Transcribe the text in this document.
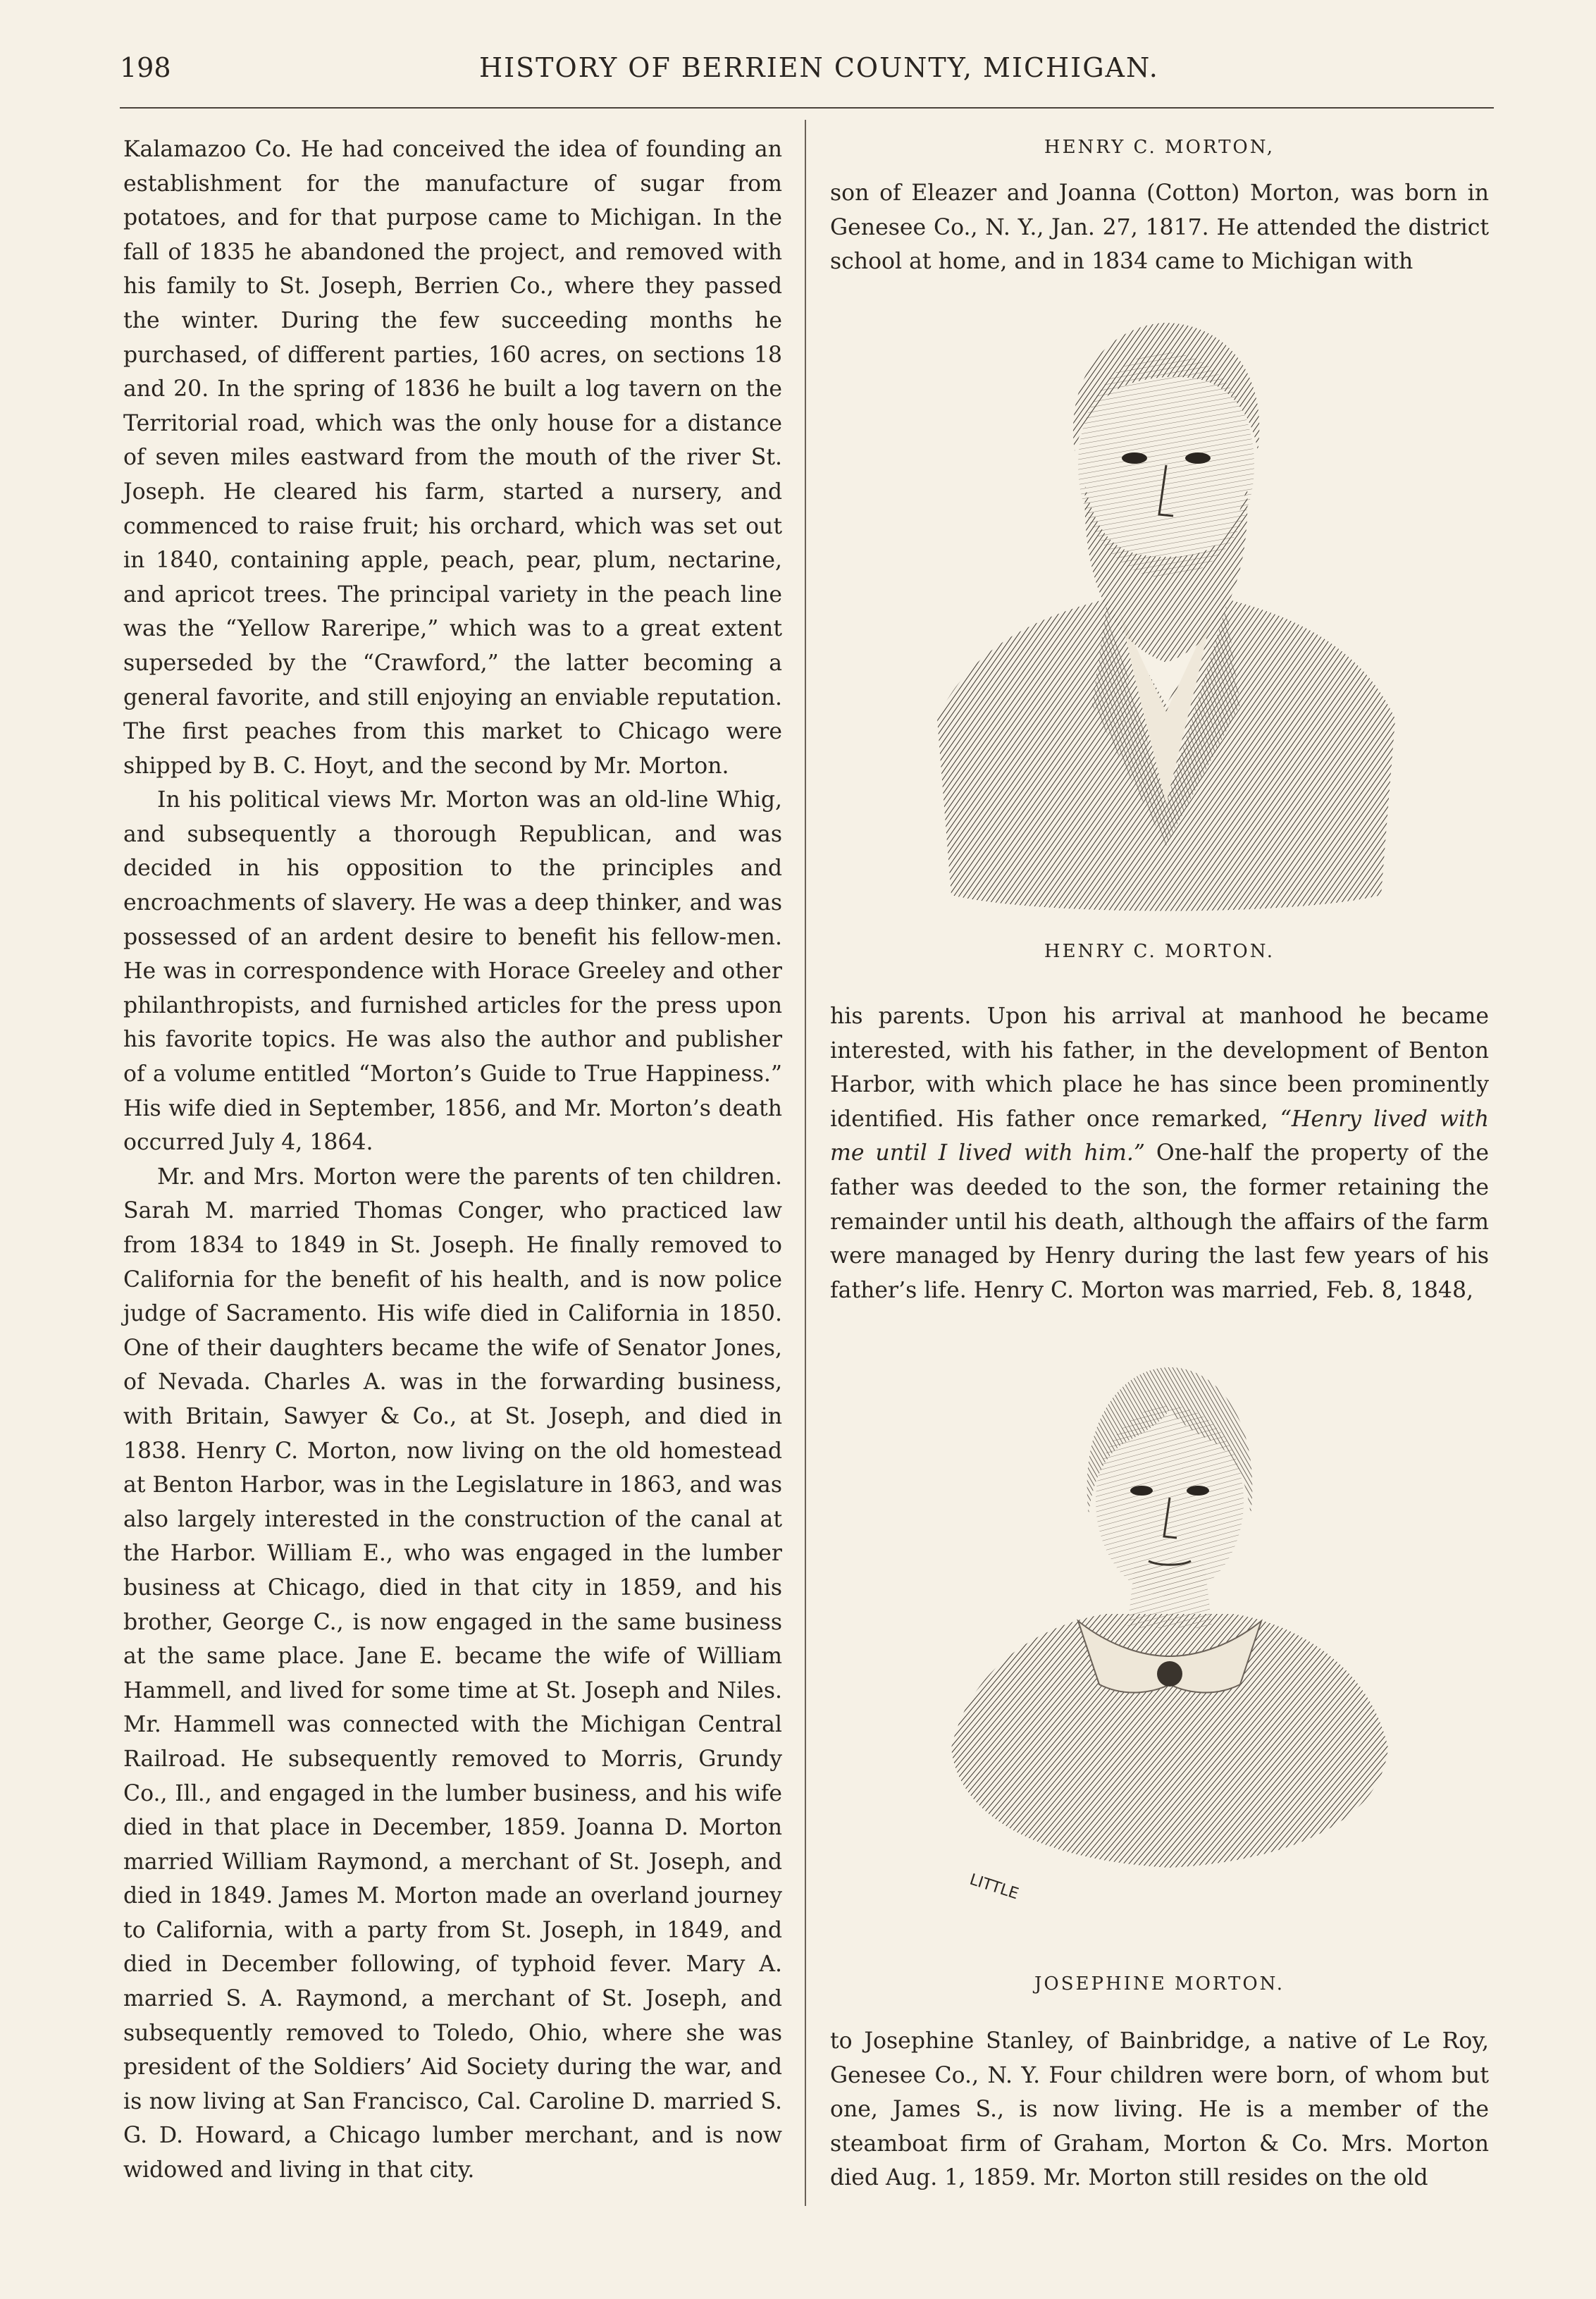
198	HISTORY OF BERRIEN COUNTY, MICHIGAN.

Kalamazoo Co. He had conceived the idea of founding an establishment for the manufacture of sugar from potatoes, and for that purpose came to Michigan. In the fall of 1835 he abandoned the project, and removed with his family to St. Joseph, Berrien Co., where they passed the winter. During the few succeeding months he purchased, of different parties, 160 acres, on sections 18 and 20. In the spring of 1836 he built a log tavern on the Territorial road, which was the only house for a distance of seven miles eastward from the mouth of the river St. Joseph. He cleared his farm, started a nursery, and commenced to raise fruit; his orchard, which was set out in 1840, containing apple, peach, pear, plum, nectarine, and apricot trees. The principal variety in the peach line was the “Yellow Rareripe,” which was to a great extent superseded by the “Crawford,” the latter becoming a general favorite, and still enjoying an enviable reputation. The first peaches from this market to Chicago were shipped by B. C. Hoyt, and the second by Mr. Morton.

In his political views Mr. Morton was an old-line Whig, and subsequently a thorough Republican, and was decided in his opposition to the principles and encroachments of slavery. He was a deep thinker, and was possessed of an ardent desire to benefit his fellow-men. He was in correspondence with Horace Greeley and other philanthropists, and furnished articles for the press upon his favorite topics. He was also the author and publisher of a volume entitled “Morton’s Guide to True Happiness.” His wife died in September, 1856, and Mr. Morton’s death occurred July 4, 1864.

Mr. and Mrs. Morton were the parents of ten children. Sarah M. married Thomas Conger, who practiced law from 1834 to 1849 in St. Joseph. He finally removed to California for the benefit of his health, and is now police judge of Sacramento. His wife died in California in 1850. One of their daughters became the wife of Senator Jones, of Nevada. Charles A. was in the forwarding business, with Britain, Sawyer & Co., at St. Joseph, and died in 1838. Henry C. Morton, now living on the old homestead at Benton Harbor, was in the Legislature in 1863, and was also largely interested in the construction of the canal at the Harbor. William E., who was engaged in the lumber business at Chicago, died in that city in 1859, and his brother, George C., is now engaged in the same business at the same place. Jane E. became the wife of William Hammell, and lived for some time at St. Joseph and Niles. Mr. Hammell was connected with the Michigan Central Railroad. He subsequently removed to Morris, Grundy Co., Ill., and engaged in the lumber business, and his wife died in that place in December, 1859. Joanna D. Morton married William Raymond, a merchant of St. Joseph, and died in 1849. James M. Morton made an overland journey to California, with a party from St. Joseph, in 1849, and died in December following, of typhoid fever. Mary A. married S. A. Raymond, a merchant of St. Joseph, and subsequently removed to Toledo, Ohio, where she was president of the Soldiers’ Aid Society during the war, and is now living at San Francisco, Cal. Caroline D. married S. G. D. Howard, a Chicago lumber merchant, and is now widowed and living in that city.

HENRY C. MORTON,

son of Eleazer and Joanna (Cotton) Morton, was born in Genesee Co., N. Y., Jan. 27, 1817. He attended the district school at home, and in 1834 came to Michigan with

HENRY C. MORTON.

his parents. Upon his arrival at manhood he became interested, with his father, in the development of Benton Harbor, with which place he has since been prominently identified. His father once remarked, “Henry lived with me until I lived with him.” One-half the property of the father was deeded to the son, the former retaining the remainder until his death, although the affairs of the farm were managed by Henry during the last few years of his father’s life. Henry C. Morton was married, Feb. 8, 1848,

LITTLE
JOSEPHINE MORTON.

to Josephine Stanley, of Bainbridge, a native of Le Roy, Genesee Co., N. Y. Four children were born, of whom but one, James S., is now living. He is a member of the steamboat firm of Graham, Morton & Co. Mrs. Morton died Aug. 1, 1859. Mr. Morton still resides on the old
